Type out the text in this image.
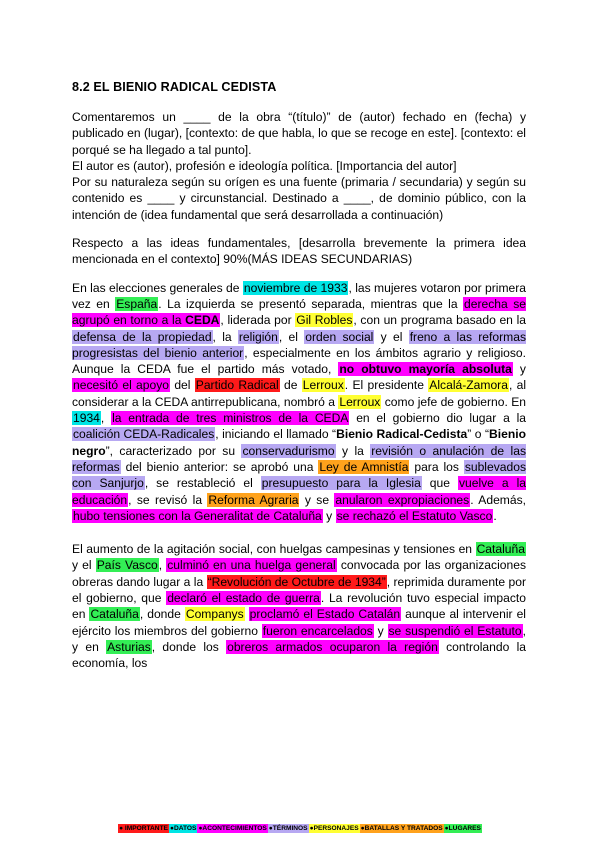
8.2 EL BIENIO RADICAL CEDISTA

Comentaremos un ____ de la obra “(título)” de (autor) fechado en (fecha) y publicado en (lugar), [contexto: de que habla, lo que se recoge en este]. [contexto: el porqué se ha llegado a tal punto].

El autor es (autor), profesión e ideología política. [Importancia del autor]

Por su naturaleza según su orígen es una fuente (primaria / secundaria) y según su contenido es ____ y circunstancial. Destinado a ____, de dominio público, con la intención de (idea fundamental que será desarrollada a continuación)

Respecto a las ideas fundamentales, [desarrolla brevemente la primera idea mencionada en el contexto] 90%(MÁS IDEAS SECUNDARIAS)

En las elecciones generales de noviembre de 1933, las mujeres votaron por primera vez en España. La izquierda se presentó separada, mientras que la derecha se agrupó en torno a la CEDA, liderada por Gil Robles, con un programa basado en la defensa de la propiedad, la religión, el orden social y el freno a las reformas progresistas del bienio anterior, especialmente en los ámbitos agrario y religioso. Aunque la CEDA fue el partido más votado, no obtuvo mayoría absoluta y necesitó el apoyo del Partido Radical de Lerroux. El presidente Alcalá-Zamora, al considerar a la CEDA antirrepublicana, nombró a Lerroux como jefe de gobierno. En 1934, la entrada de tres ministros de la CEDA en el gobierno dio lugar a la coalición CEDA-Radicales, iniciando el llamado “Bienio Radical-Cedista” o “Bienio negro”, caracterizado por su conservadurismo y la revisión o anulación de las reformas del bienio anterior: se aprobó una Ley de Amnistía para los sublevados con Sanjurjo, se restableció el presupuesto para la Iglesia que vuelve a la educación, se revisó la Reforma Agraria y se anularon expropiaciones. Además, hubo tensiones con la Generalitat de Cataluña y se rechazó el Estatuto Vasco.

El aumento de la agitación social, con huelgas campesinas y tensiones en Cataluña y el País Vasco, culminó en una huelga general convocada por las organizaciones obreras dando lugar a la “Revolución de Octubre de 1934”, reprimida duramente por el gobierno, que declaró el estado de guerra. La revolución tuvo especial impacto en Cataluña, donde Companys proclamó el Estado Catalán aunque al intervenir el ejército los miembros del gobierno fueron encarcelados y se suspendió el Estatuto, y en Asturias, donde los obreros armados ocuparon la región controlando la economía, los

● IMPORTANTE ●DATOS ●ACONTECIMIENTOS ●TÉRMINOS ●PERSONAJES ●BATALLAS Y TRATADOS ●LUGARES
